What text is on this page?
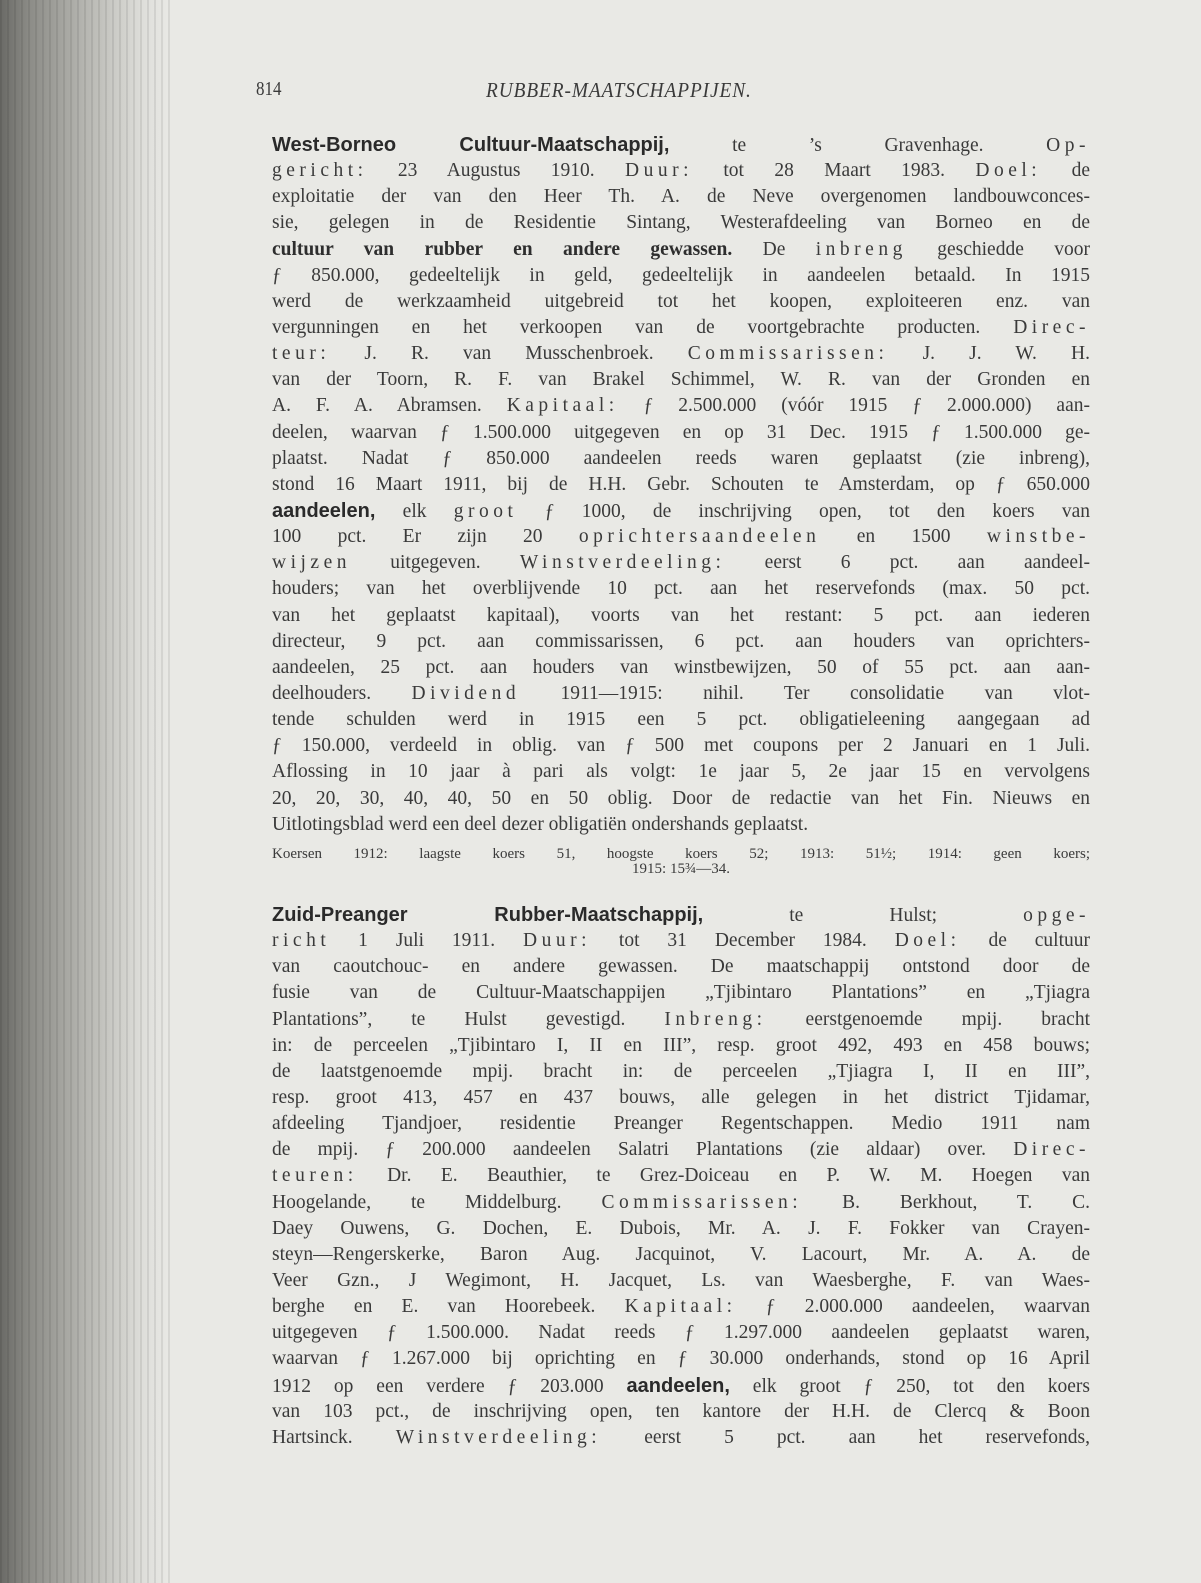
814	RUBBER-MAATSCHAPPIJEN.
West-Borneo Cultuur-Maatschappij, te ’s Gravenhage. Op-
gericht: 23 Augustus 1910. Duur: tot 28 Maart 1983. Doel: de
exploitatie der van den Heer Th. A. de Neve overgenomen landbouwconces-
sie, gelegen in de Residentie Sintang, Westerafdeeling van Borneo en de
cultuur van rubber en andere gewassen. De inbreng geschiedde voor
ƒ 850.000, gedeeltelijk in geld, gedeeltelijk in aandeelen betaald. In 1915
werd de werkzaamheid uitgebreid tot het koopen, exploiteeren enz. van
vergunningen en het verkoopen van de voortgebrachte producten. Direc-
teur: J. R. van Musschenbroek. Commissarissen: J. J. W. H.
van der Toorn, R. F. van Brakel Schimmel, W. R. van der Gronden en
A. F. A. Abramsen. Kapitaal: ƒ 2.500.000 (vóór 1915 ƒ 2.000.000) aan-
deelen, waarvan ƒ 1.500.000 uitgegeven en op 31 Dec. 1915 ƒ 1.500.000 ge-
plaatst. Nadat ƒ 850.000 aandeelen reeds waren geplaatst (zie inbreng),
stond 16 Maart 1911, bij de H.H. Gebr. Schouten te Amsterdam, op ƒ 650.000
aandeelen, elk groot ƒ 1000, de inschrijving open, tot den koers van
100 pct. Er zijn 20 oprichtersaandeelen en 1500 winstbe-
wijzen uitgegeven. Winstverdeeling: eerst 6 pct. aan aandeel-
houders; van het overblijvende 10 pct. aan het reservefonds (max. 50 pct.
van het geplaatst kapitaal), voorts van het restant: 5 pct. aan iederen
directeur, 9 pct. aan commissarissen, 6 pct. aan houders van oprichters-
aandeelen, 25 pct. aan houders van winstbewijzen, 50 of 55 pct. aan aan-
deelhouders. Dividend 1911—1915: nihil. Ter consolidatie van vlot-
tende schulden werd in 1915 een 5 pct. obligatieleening aangegaan ad
ƒ 150.000, verdeeld in oblig. van ƒ 500 met coupons per 2 Januari en 1 Juli.
Aflossing in 10 jaar à pari als volgt: 1e jaar 5, 2e jaar 15 en vervolgens
20, 20, 30, 40, 40, 50 en 50 oblig. Door de redactie van het Fin. Nieuws en
Uitlotingsblad werd een deel dezer obligatiën ondershands geplaatst.
Koersen 1912: laagste koers 51, hoogste koers 52; 1913: 51½; 1914: geen koers;
1915: 15¾—34.
Zuid-Preanger Rubber-Maatschappij, te Hulst; opge-
richt 1 Juli 1911. Duur: tot 31 December 1984. Doel: de cultuur
van caoutchouc- en andere gewassen. De maatschappij ontstond door de
fusie van de Cultuur-Maatschappijen „Tjibintaro Plantations” en „Tjiagra
Plantations”, te Hulst gevestigd. Inbreng: eerstgenoemde mpij. bracht
in: de perceelen „Tjibintaro I, II en III”, resp. groot 492, 493 en 458 bouws;
de laatstgenoemde mpij. bracht in: de perceelen „Tjiagra I, II en III”,
resp. groot 413, 457 en 437 bouws, alle gelegen in het district Tjidamar,
afdeeling Tjandjoer, residentie Preanger Regentschappen. Medio 1911 nam
de mpij. ƒ 200.000 aandeelen Salatri Plantations (zie aldaar) over. Direc-
teuren: Dr. E. Beauthier, te Grez-Doiceau en P. W. M. Hoegen van
Hoogelande, te Middelburg. Commissarissen: B. Berkhout, T. C.
Daey Ouwens, G. Dochen, E. Dubois, Mr. A. J. F. Fokker van Crayen-
steyn—Rengerskerke, Baron Aug. Jacquinot, V. Lacourt, Mr. A. A. de
Veer Gzn., J Wegimont, H. Jacquet, Ls. van Waesberghe, F. van Waes-
berghe en E. van Hoorebeek. Kapitaal: ƒ 2.000.000 aandeelen, waarvan
uitgegeven ƒ 1.500.000. Nadat reeds ƒ 1.297.000 aandeelen geplaatst waren,
waarvan ƒ 1.267.000 bij oprichting en ƒ 30.000 onderhands, stond op 16 April
1912 op een verdere ƒ 203.000 aandeelen, elk groot ƒ 250, tot den koers
van 103 pct., de inschrijving open, ten kantore der H.H. de Clercq & Boon
Hartsinck. Winstverdeeling: eerst 5 pct. aan het reservefonds,
